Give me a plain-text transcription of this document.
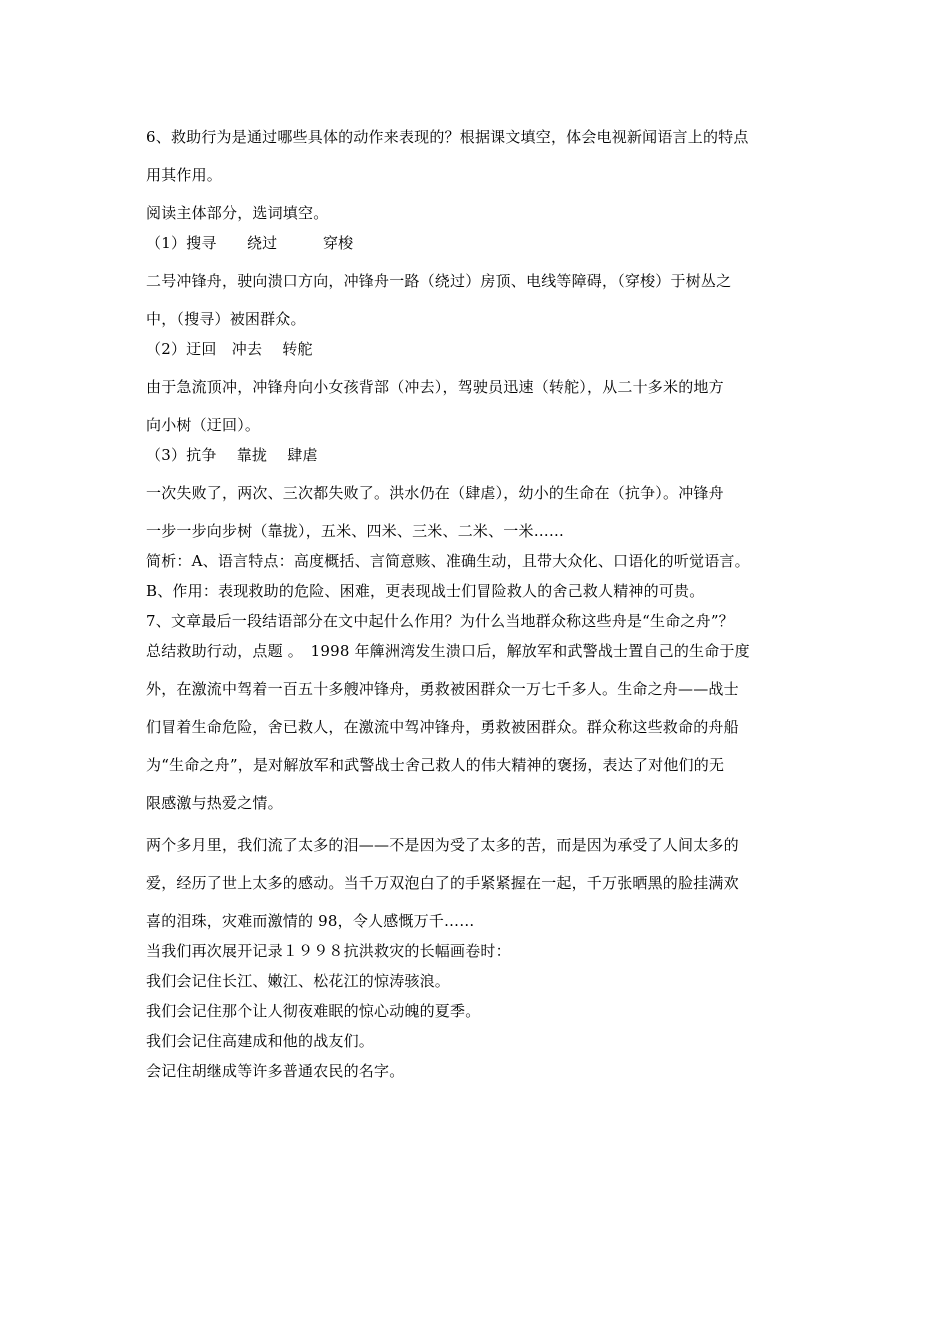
6、救助行为是通过哪些具体的动作来表现的？根据课文填空，体会电视新闻语言上的特点
用其作用。
阅读主体部分，选词填空。
（1）搜寻　　绕过　　　穿梭
二号冲锋舟，驶向溃口方向，冲锋舟一路（绕过）房顶、电线等障碍，（穿梭）于树丛之
中，（搜寻）被困群众。
（2）迂回　冲去　 转舵
由于急流顶冲，冲锋舟向小女孩背部（冲去），驾驶员迅速（转舵），从二十多米的地方
向小树（迂回）。
（3）抗争　 靠拢　 肆虐
一次失败了，两次、三次都失败了。洪水仍在（肆虐），幼小的生命在（抗争）。冲锋舟
一步一步向步树（靠拢），五米、四米、三米、二米、一米……
简析：A、语言特点：高度概括、言简意赅、准确生动，且带大众化、口语化的听觉语言。
B、作用：表现救助的危险、困难，更表现战士们冒险救人的舍己救人精神的可贵。
7、文章最后一段结语部分在文中起什么作用？为什么当地群众称这些舟是“生命之舟”？
总结救助行动，点题 。　1998 年簰洲湾发生溃口后，解放军和武警战士置自己的生命于度
外，在激流中驾着一百五十多艘冲锋舟，勇救被困群众一万七千多人。生命之舟——战士
们冒着生命危险，舍已救人，在激流中驾冲锋舟，勇救被困群众。群众称这些救命的舟船
为“生命之舟”，是对解放军和武警战士舍己救人的伟大精神的褒扬，表达了对他们的无
限感激与热爱之情。
两个多月里，我们流了太多的泪——不是因为受了太多的苦，而是因为承受了人间太多的
爱，经历了世上太多的感动。当千万双泡白了的手紧紧握在一起，千万张晒黑的脸挂满欢
喜的泪珠，灾难而激情的 98，令人感慨万千……
当我们再次展开记录１９９８抗洪救灾的长幅画卷时：
我们会记住长江、嫩江、松花江的惊涛骇浪。
我们会记住那个让人彻夜难眠的惊心动魄的夏季。
我们会记住高建成和他的战友们。
会记住胡继成等许多普通农民的名字。
